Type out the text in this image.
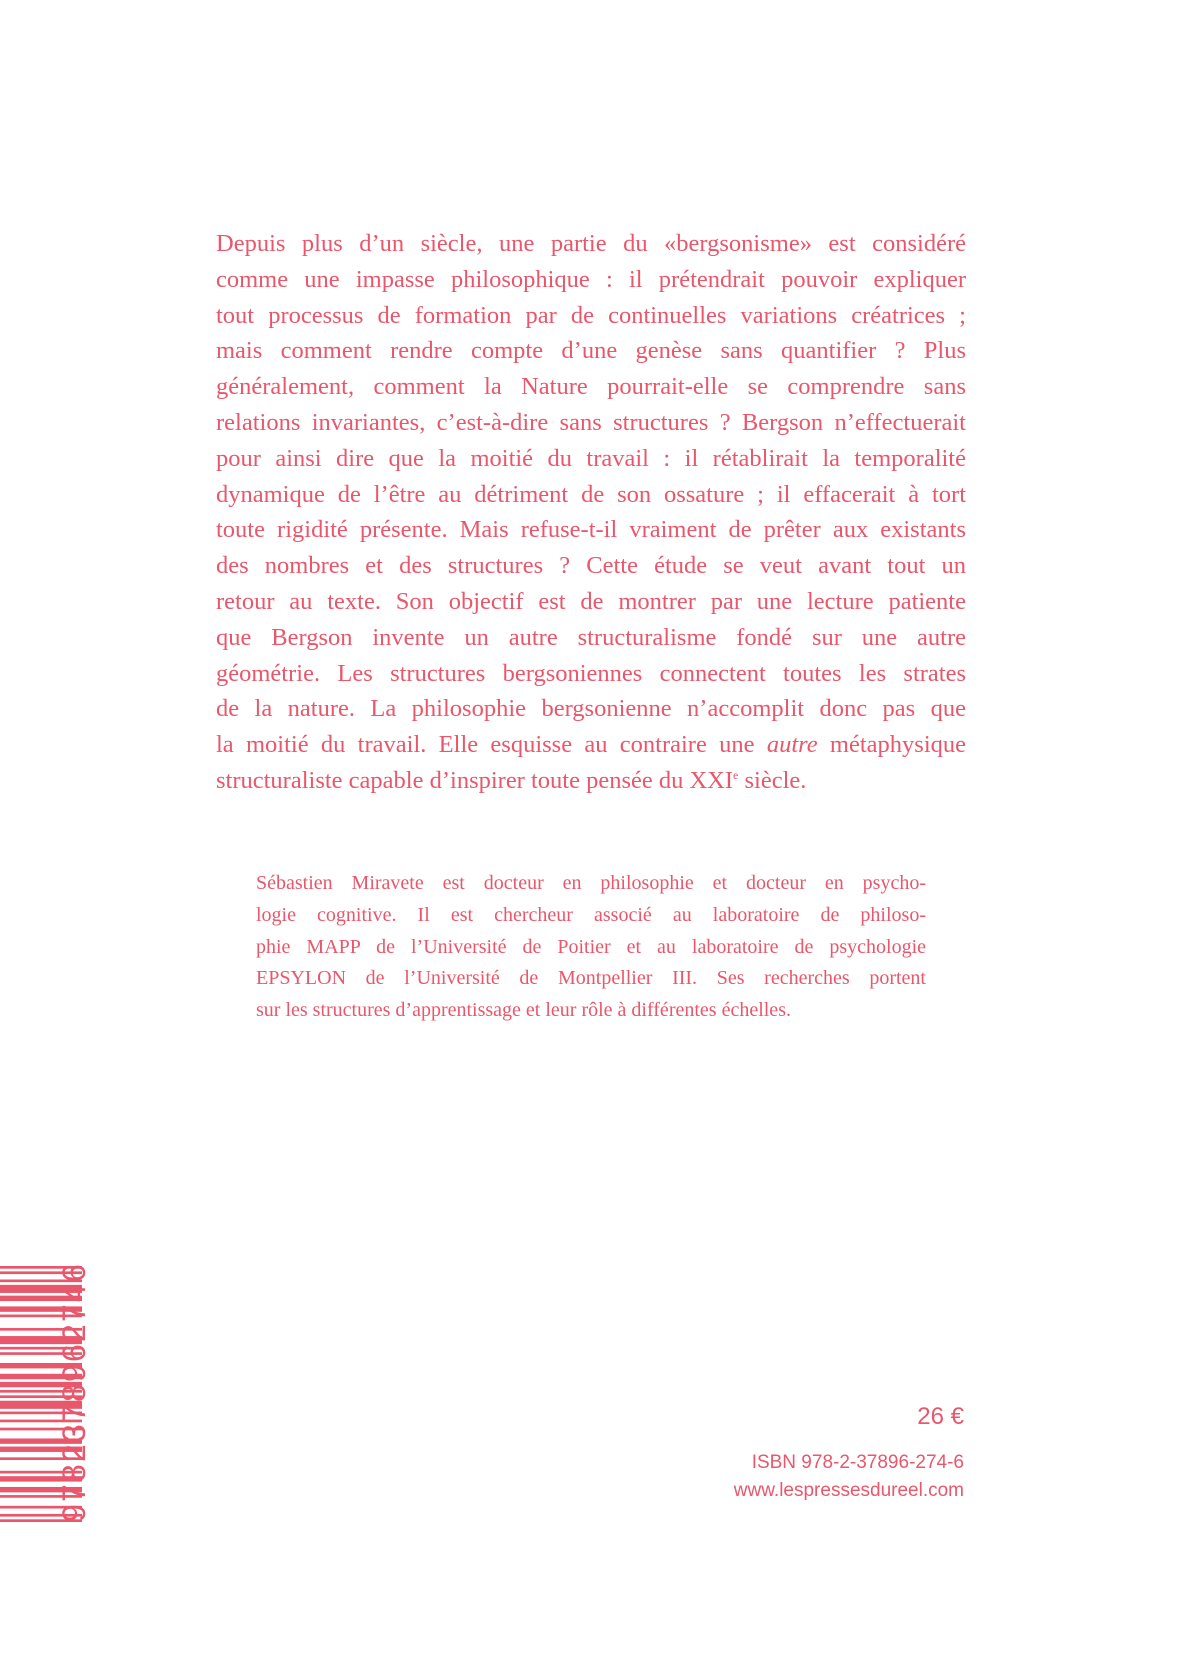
Depuis plus d’un siècle, une partie du «bergsonisme» est considéré
comme une impasse philosophique : il prétendrait pouvoir expliquer
tout processus de formation par de continuelles variations créatrices ;
mais comment rendre compte d’une genèse sans quantifier ? Plus
généralement, comment la Nature pourrait-elle se comprendre sans
relations invariantes, c’est-à-dire sans structures ? Bergson n’effectuerait
pour ainsi dire que la moitié du travail : il rétablirait la temporalité
dynamique de l’être au détriment de son ossature ; il effacerait à tort
toute rigidité présente. Mais refuse-t-il vraiment de prêter aux existants
des nombres et des structures ? Cette étude se veut avant tout un
retour au texte. Son objectif est de montrer par une lecture patiente
que Bergson invente un autre structuralisme fondé sur une autre
géométrie. Les structures bergsoniennes connectent toutes les strates
de la nature. La philosophie bergsonienne n’accomplit donc pas que
la moitié du travail. Elle esquisse au contraire une autre métaphysique
structuraliste capable d’inspirer toute pensée du XXIe siècle.
Sébastien Miravete est docteur en philosophie et docteur en psycho-
logie cognitive. Il est chercheur associé au laboratoire de philoso-
phie MAPP de l’Université de Poitier et au laboratoire de psychologie
EPSYLON de l’Université de Montpellier III. Ses recherches portent
sur les structures d’apprentissage et leur rôle à différentes échelles.
9782378962746	26 €
ISBN 978-2-37896-274-6
www.lespressesdureel.com
